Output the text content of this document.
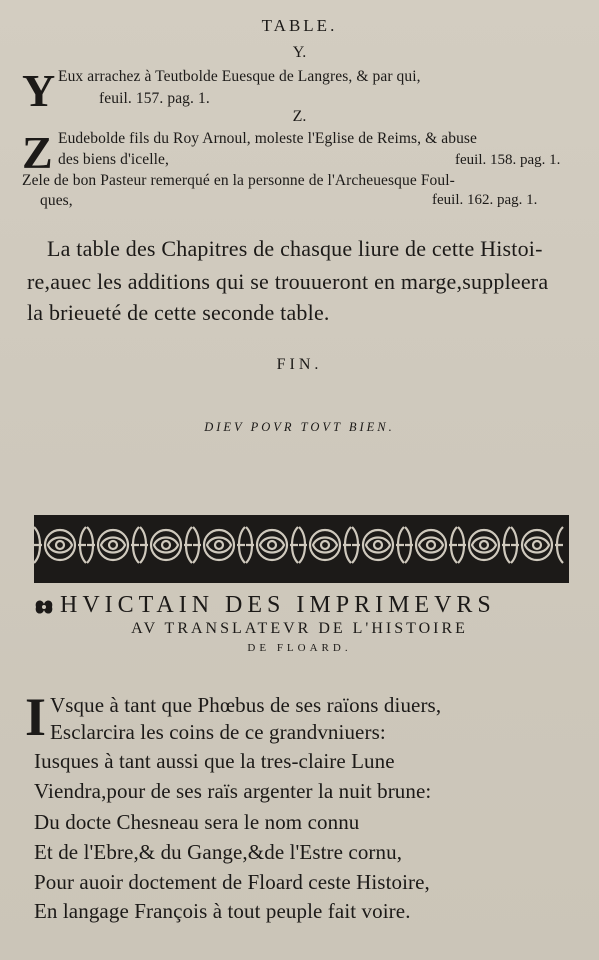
TABLE.
Y.
Y Eux arrachez à Teutbolde Euesque de Langres, & par qui,
feuil. 157. pag. 1.
Z.
Z Eudebolde fils du Roy Arnoul, moleste l'Eglise de Reims, & abuse
des biens d'icelle,	feuil. 158. pag. 1.
Zele de bon Pasteur remerqué en la personne de l'Archeuesque Foul-
ques,	feuil. 162. pag. 1.
La table des Chapitres de chasque liure de cette Histoi-
re,auec les additions qui se trouueront en marge,suppleera
la brieueté de cette seconde table.
FIN.
DIEV POVR TOVT BIEN.
HVICTAIN DES IMPRIMEVRS
AV TRANSLATEVR DE L'HISTOIRE
DE FLOARD.
I Vsque à tant que Phœbus de ses raïons diuers,
Esclarcira les coins de ce grandvniuers:
Iusques à tant aussi que la tres-claire Lune
Viendra,pour de ses raïs argenter la nuit brune:
Du docte Chesneau sera le nom connu
Et de l'Ebre,& du Gange,&de l'Estre cornu,
Pour auoir doctement de Floard ceste Histoire,
En langage François à tout peuple fait voire.
